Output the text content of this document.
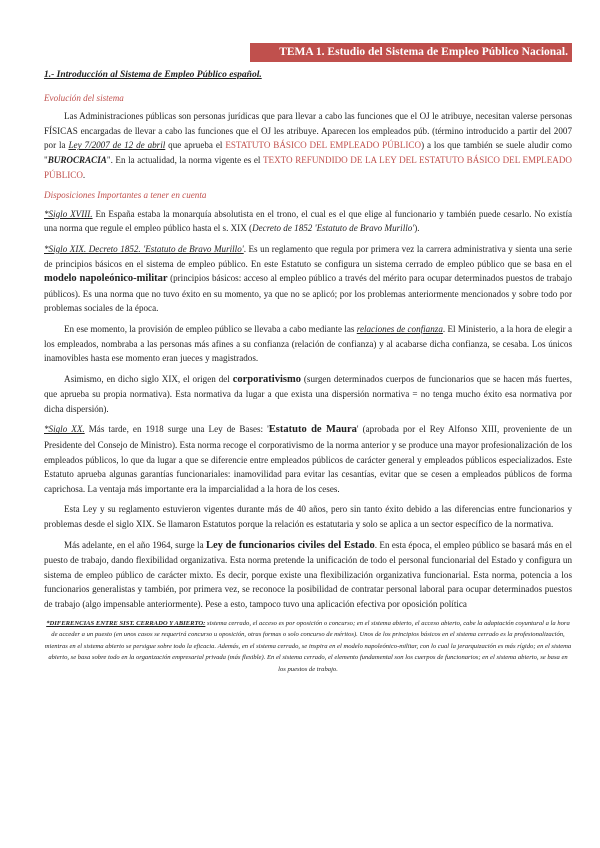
TEMA 1. Estudio del Sistema de Empleo Público Nacional.
1.- Introducción al Sistema de Empleo Público español.
Evolución del sistema

Las Administraciones públicas son personas jurídicas que para llevar a cabo las funciones que el OJ le atribuye, necesitan valerse personas FÍSICAS encargadas de llevar a cabo las funciones que el OJ les atribuye. Aparecen los empleados púb. (término introducido a partir del 2007 por la Ley 7/2007 de 12 de abril que aprueba el ESTATUTO BÁSICO DEL EMPLEADO PÚBLICO) a los que también se suele aludir como "BUROCRACIA". En la actualidad, la norma vigente es el TEXTO REFUNDIDO DE LA LEY DEL ESTATUTO BÁSICO DEL EMPLEADO PÚBLICO.

Disposiciones Importantes a tener en cuenta

*Siglo XVIII. En España estaba la monarquía absolutista en el trono, el cual es el que elige al funcionario y también puede cesarlo. No existía una norma que regule el empleo público hasta el s. XIX (Decreto de 1852 'Estatuto de Bravo Murillo').

*Siglo XIX. Decreto 1852. 'Estatuto de Bravo Murillo'. Es un reglamento que regula por primera vez la carrera administrativa y sienta una serie de principios básicos en el sistema de empleo público. En este Estatuto se configura un sistema cerrado de empleo público que se basa en el modelo napoleónico-militar (principios básicos: acceso al empleo público a través del mérito para ocupar determinados puestos de trabajo públicos). Es una norma que no tuvo éxito en su momento, ya que no se aplicó; por los problemas anteriormente mencionados y sobre todo por problemas sociales de la época.

En ese momento, la provisión de empleo público se llevaba a cabo mediante las relaciones de confianza. El Ministerio, a la hora de elegir a los empleados, nombraba a las personas más afines a su confianza (relación de confianza) y al acabarse dicha confianza, se cesaba. Los únicos inamovibles hasta ese momento eran jueces y magistrados.

Asimismo, en dicho siglo XIX, el origen del corporativismo (surgen determinados cuerpos de funcionarios que se hacen más fuertes, que aprueba su propia normativa). Esta normativa da lugar a que exista una dispersión normativa = no tenga mucho éxito esa normativa por dicha dispersión).

*Siglo XX. Más tarde, en 1918 surge una Ley de Bases: 'Estatuto de Maura' (aprobada por el Rey Alfonso XIII, proveniente de un Presidente del Consejo de Ministro). Esta norma recoge el corporativismo de la norma anterior y se produce una mayor profesionalización de los empleados públicos, lo que da lugar a que se diferencie entre empleados públicos de carácter general y empleados públicos especializados. Este Estatuto aprueba algunas garantías funcionariales: inamovilidad para evitar las cesantías, evitar que se cesen a empleados públicos de forma caprichosa. La ventaja más importante era la imparcialidad a la hora de los ceses.

Esta Ley y su reglamento estuvieron vigentes durante más de 40 años, pero sin tanto éxito debido a las diferencias entre funcionarios y problemas desde el siglo XIX. Se llamaron Estatutos porque la relación es estatutaria y solo se aplica a un sector específico de la normativa.

Más adelante, en el año 1964, surge la Ley de funcionarios civiles del Estado. En esta época, el empleo público se basará más en el puesto de trabajo, dando flexibilidad organizativa. Esta norma pretende la unificación de todo el personal funcionarial del Estado y configura un sistema de empleo público de carácter mixto. Es decir, porque existe una flexibilización organizativa funcionarial. Esta norma, potencia a los funcionarios generalistas y también, por primera vez, se reconoce la posibilidad de contratar personal laboral para ocupar determinados puestos de trabajo (algo impensable anteriormente). Pese a esto, tampoco tuvo una aplicación efectiva por oposición política

*DIFERENCIAS ENTRE SIST. CERRADO Y ABIERTO: sistema cerrado, el acceso es por oposición o concurso; en el sistema abierto, el acceso abierto, cabe la adaptación coyuntural a la hora de acceder a un puesto (en unos casos se requerirá concurso u oposición, otras formas o solo concurso de méritos). Unos de los principios básicos en el sistema cerrado es la profesionalización, mientras en el sistema abierto se persigue sobre todo la eficacia. Además, en el sistema cerrado, se inspira en el modelo napoleónico-militar, con lo cual la jerarquización es más rígido; en el sistema abierto, se basa sobre todo en la organización empresarial privada (más flexible). En el sistema cerrado, el elemento fundamental son los cuerpos de funcionarios; en el sistema abierto, se basa en los puestos de trabajo.
